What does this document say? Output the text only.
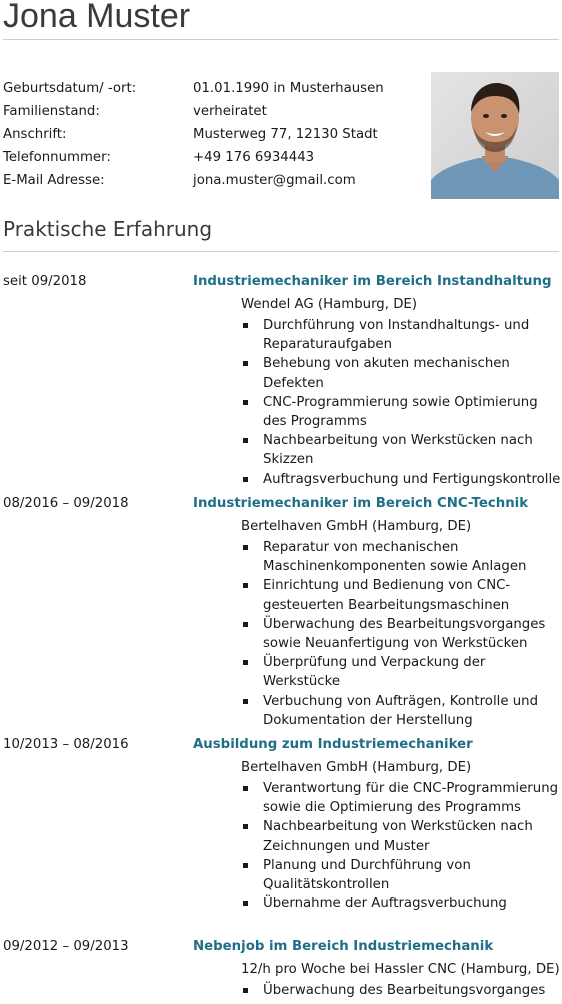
Jona Muster
Geburtsdatum/ -ort:	01.01.1990 in Musterhausen
Familienstand:	verheiratet
Anschrift:	Musterweg 77, 12130 Stadt
Telefonnummer:	+49 176 6934443
E-Mail Adresse:	jona.muster@gmail.com
Praktische Erfahrung
seit 09/2018	Industriemechaniker im Bereich Instandhaltung
Wendel AG (Hamburg, DE)
Durchführung von Instandhaltungs- und Reparaturaufgaben
Behebung von akuten mechanischen Defekten
CNC-Programmierung sowie Optimierung des Programms
Nachbearbeitung von Werkstücken nach Skizzen
Auftragsverbuchung und Fertigungskontrolle
08/2016 – 09/2018	Industriemechaniker im Bereich CNC-Technik
Bertelhaven GmbH (Hamburg, DE)
Reparatur von mechanischen Maschinenkomponenten sowie Anlagen
Einrichtung und Bedienung von CNC-gesteuerten Bearbeitungsmaschinen
Überwachung des Bearbeitungsvorganges sowie Neuanfertigung von Werkstücken
Überprüfung und Verpackung der Werkstücke
Verbuchung von Aufträgen, Kontrolle und Dokumentation der Herstellung
10/2013 – 08/2016	Ausbildung zum Industriemechaniker
Bertelhaven GmbH (Hamburg, DE)
Verantwortung für die CNC-Programmierung sowie die Optimierung des Programms
Nachbearbeitung von Werkstücken nach Zeichnungen und Muster
Planung und Durchführung von Qualitätskontrollen
Übernahme der Auftragsverbuchung
09/2012 – 09/2013	Nebenjob im Bereich Industriemechanik
12/h pro Woche bei Hassler CNC (Hamburg, DE)
Überwachung des Bearbeitungsvorganges
